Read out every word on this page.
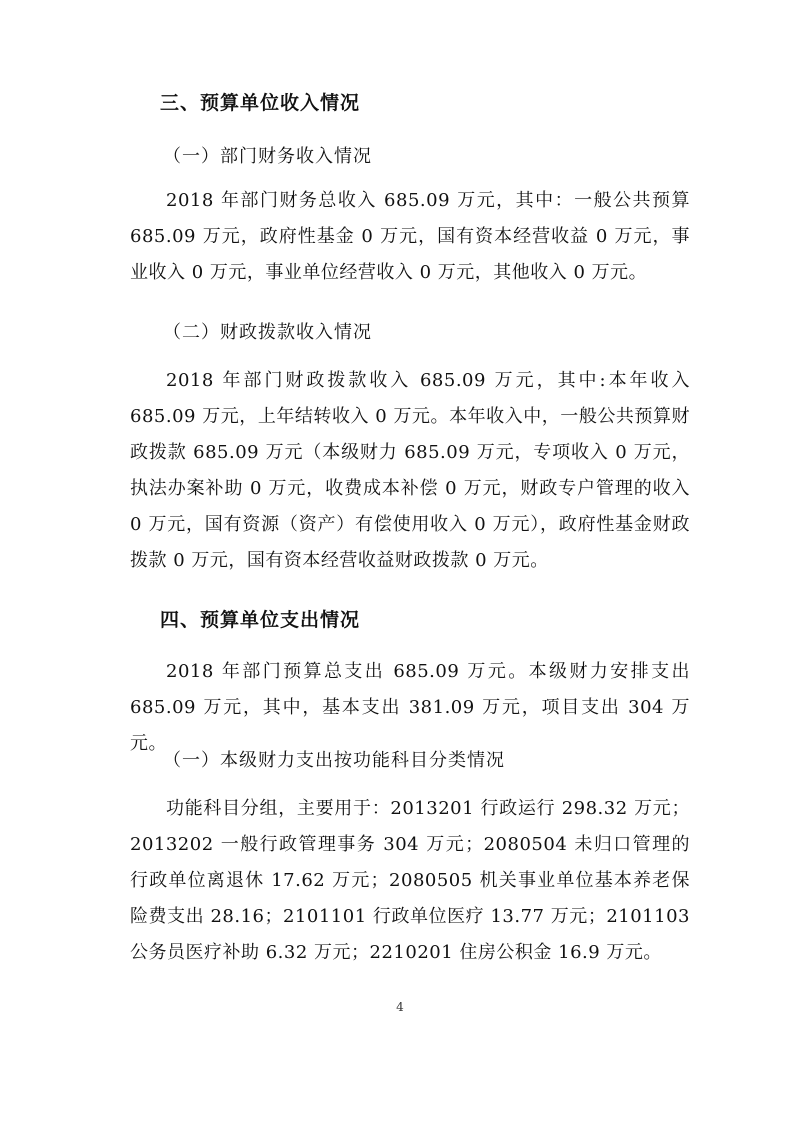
三、预算单位收入情况
（一）部门财务收入情况
2018 年部门财务总收入 685.09 万元，其中：一般公共预算 685.09 万元，政府性基金 0 万元，国有资本经营收益 0 万元，事业收入 0 万元，事业单位经营收入 0 万元，其他收入 0 万元。
（二）财政拨款收入情况
2018 年部门财政拨款收入 685.09 万元，其中:本年收入 685.09 万元，上年结转收入 0 万元。本年收入中，一般公共预算财政拨款 685.09 万元（本级财力 685.09 万元，专项收入 0 万元，执法办案补助 0 万元，收费成本补偿 0 万元，财政专户管理的收入 0 万元，国有资源（资产）有偿使用收入 0 万元），政府性基金财政拨款 0 万元，国有资本经营收益财政拨款 0 万元。
四、预算单位支出情况
2018 年部门预算总支出 685.09 万元。本级财力安排支出 685.09 万元，其中，基本支出 381.09 万元，项目支出 304 万元。
（一）本级财力支出按功能科目分类情况
功能科目分组，主要用于：2013201 行政运行 298.32 万元；2013202 一般行政管理事务 304 万元；2080504 未归口管理的行政单位离退休 17.62 万元；2080505 机关事业单位基本养老保险费支出 28.16；2101101 行政单位医疗 13.77 万元；2101103 公务员医疗补助 6.32 万元；2210201 住房公积金 16.9 万元。
4
